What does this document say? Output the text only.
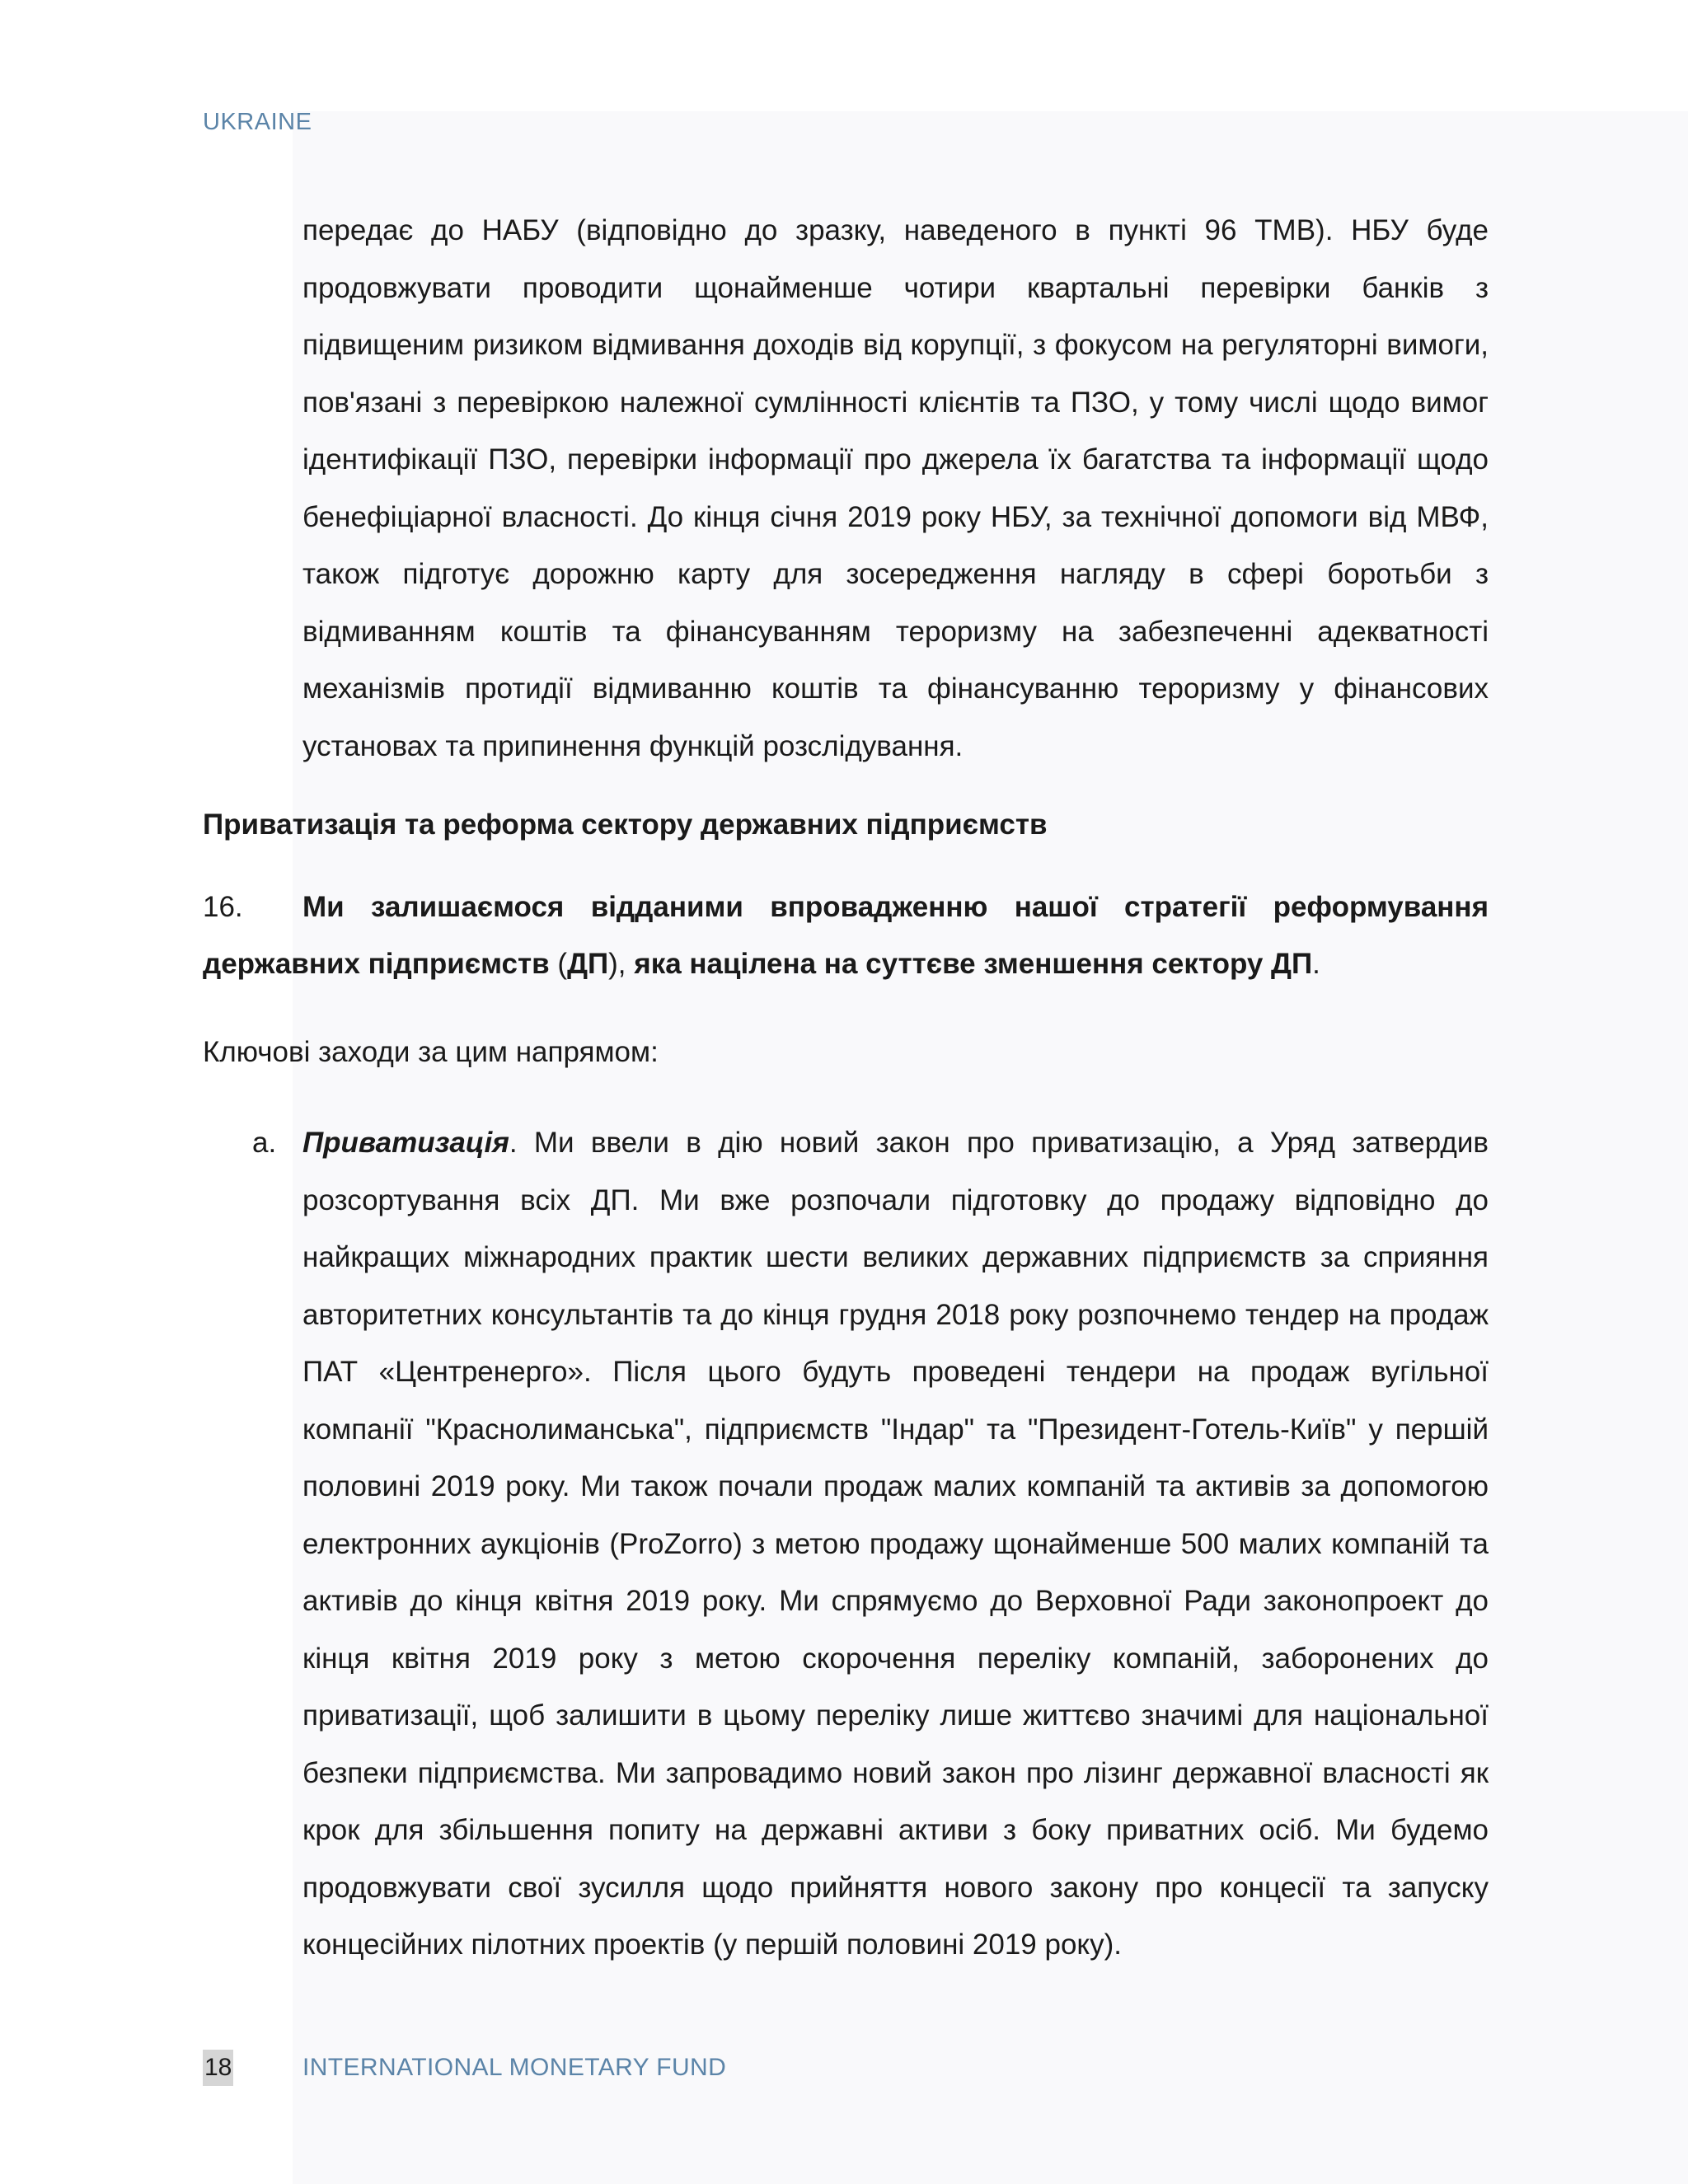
UKRAINE

передає до НАБУ (відповідно до зразку, наведеного в пункті 96 ТМВ). НБУ буде продовжувати проводити щонайменше чотири квартальні перевірки банків з підвищеним ризиком відмивання доходів від корупції, з фокусом на регуляторні вимоги, пов'язані з перевіркою належної сумлінності клієнтів та ПЗО, у тому числі щодо вимог ідентифікації ПЗО, перевірки інформації про джерела їх багатства та інформації щодо бенефіціарної власності. До кінця січня 2019 року НБУ, за технічної допомоги від МВФ, також підготує дорожню карту для зосередження нагляду в сфері боротьби з відмиванням коштів та фінансуванням тероризму на забезпеченні адекватності механізмів протидії відмиванню коштів та фінансуванню тероризму у фінансових установах та припинення функцій розслідування.

Приватизація та реформа сектору державних підприємств

16. Ми залишаємося відданими впровадженню нашої стратегії реформування державних підприємств (ДП), яка націлена на суттєве зменшення сектору ДП.

Ключові заходи за цим напрямом:

a. Приватизація. Ми ввели в дію новий закон про приватизацію, а Уряд затвердив розсортування всіх ДП. Ми вже розпочали підготовку до продажу відповідно до найкращих міжнародних практик шести великих державних підприємств за сприяння авторитетних консультантів та до кінця грудня 2018 року розпочнемо тендер на продаж ПАТ «Центренерго». Після цього будуть проведені тендери на продаж вугільної компанії "Краснолиманська", підприємств "Індар" та "Президент-Готель-Київ" у першій половині 2019 року. Ми також почали продаж малих компаній та активів за допомогою електронних аукціонів (ProZorro) з метою продажу щонайменше 500 малих компаній та активів до кінця квітня 2019 року. Ми спрямуємо до Верховної Ради законопроект до кінця квітня 2019 року з метою скорочення переліку компаній, заборонених до приватизації, щоб залишити в цьому переліку лише життєво значимі для національної безпеки підприємства. Ми запровадимо новий закон про лізинг державної власності як крок для збільшення попиту на державні активи з боку приватних осіб. Ми будемо продовжувати свої зусилля щодо прийняття нового закону про концесії та запуску концесійних пілотних проектів (у першій половині 2019 року).

18	INTERNATIONAL MONETARY FUND
